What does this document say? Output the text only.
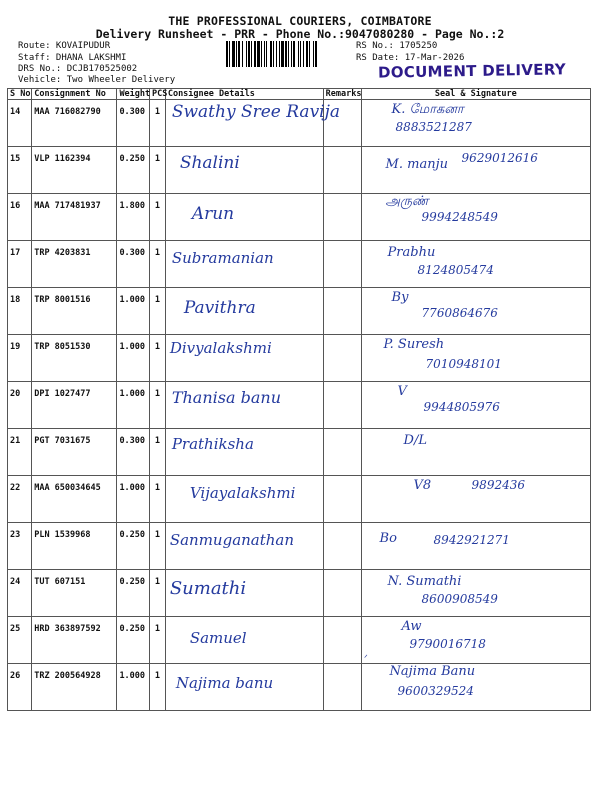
THE PROFESSIONAL COURIERS, COIMBATORE
Delivery Runsheet - PRR - Phone No.:9047080280 - Page No.:2
Route: KOVAIPUDUR
Staff: DHANA LAKSHMI
DRS No.: DCJB170525002
Vehicle: Two Wheeler Delivery
RS No.: 1705250
RS Date: 17-Mar-2026
DOCUMENT DELIVERY
S No	Consignment No	Weight	PCS	Consignee Details	Remarks	Seal & Signature
14	MAA 716082790	0.300	1	Swathy Sree Ravija		K. மோகனா
8883521287

15	VLP 1162394	0.250	1	Shalini		M. manju 9629012616

16	MAA 717481937	1.800	1	Arun		அருண்
9994248549

17	TRP 4203831	0.300	1	Subramanian		Prabhu
8124805474

18	TRP 8001516	1.000	1	Pavithra		By
7760864676

19	TRP 8051530	1.000	1	Divyalakshmi		P. Suresh
7010948101

20	DPI 1027477	1.000	1	Thanisa banu		V
9944805976

21	PGT 7031675	0.300	1	Prathiksha		D/L

22	MAA 650034645	1.000	1	Vijayalakshmi		V8 9892436

23	PLN 1539968	0.250	1	Sanmuganathan		Bo 8942921271

24	TUT 607151	0.250	1	Sumathi		N. Sumathi
8600908549

25	HRD 363897592	0.250	1	Samuel		Aw
9790016718

26	TRZ 200564928	1.000	1	Najima banu		Najima Banu
9600329524
ᐟ
